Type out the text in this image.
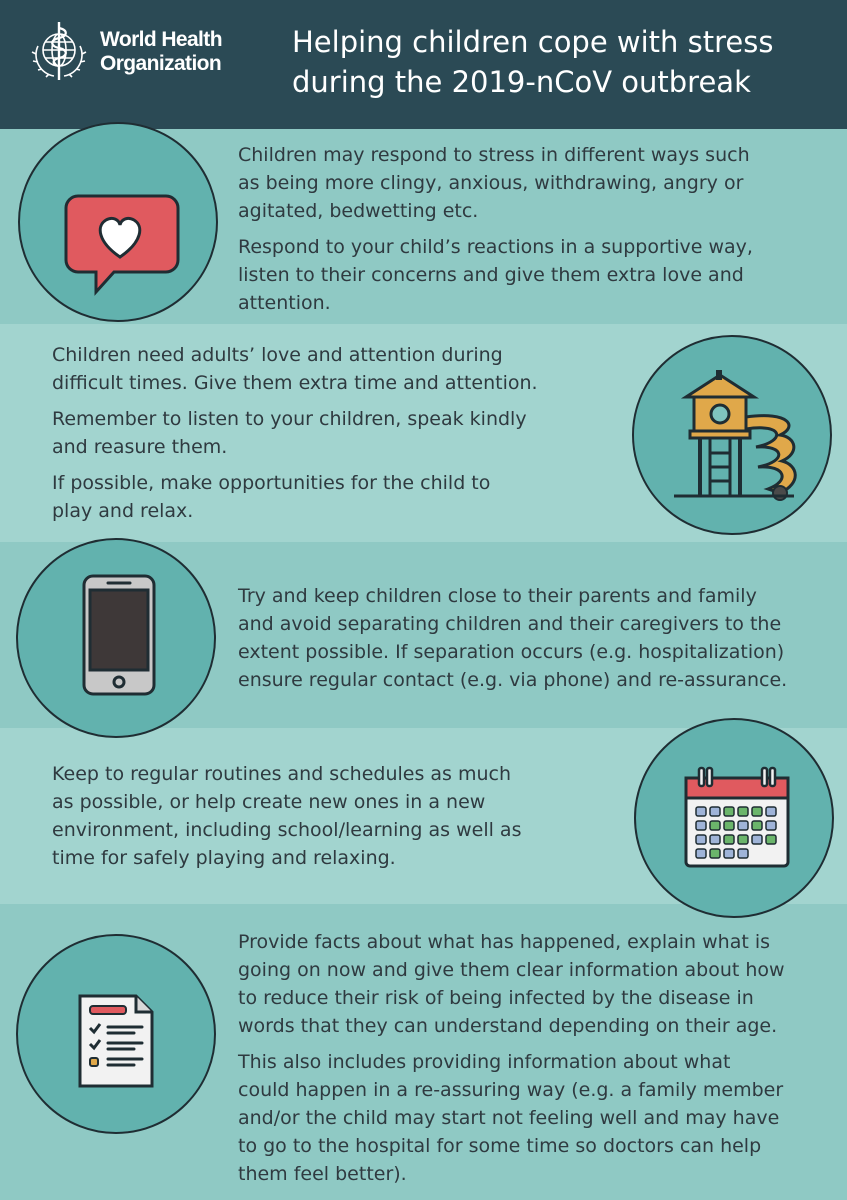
World Health
Organization
Helping children cope with stress
during the 2019-nCoV outbreak

Children may respond to stress in different ways such
as being more clingy, anxious, withdrawing, angry or
agitated, bedwetting etc.

Respond to your child’s reactions in a supportive way,
listen to their concerns and give them extra love and
attention.

Children need adults’ love and attention during
difficult times. Give them extra time and attention.

Remember to listen to your children, speak kindly
and reasure them.

If possible, make opportunities for the child to
play and relax.

Try and keep children close to their parents and family
and avoid separating children and their caregivers to the
extent possible. If separation occurs (e.g. hospitalization)
ensure regular contact (e.g. via phone) and re-assurance.

Keep to regular routines and schedules as much
as possible, or help create new ones in a new
environment, including school/learning as well as
time for safely playing and relaxing.

Provide facts about what has happened, explain what is
going on now and give them clear information about how
to reduce their risk of being infected by the disease in
words that they can understand depending on their age.

This also includes providing information about what
could happen in a re-assuring way (e.g. a family member
and/or the child may start not feeling well and may have
to go to the hospital for some time so doctors can help
them feel better).
